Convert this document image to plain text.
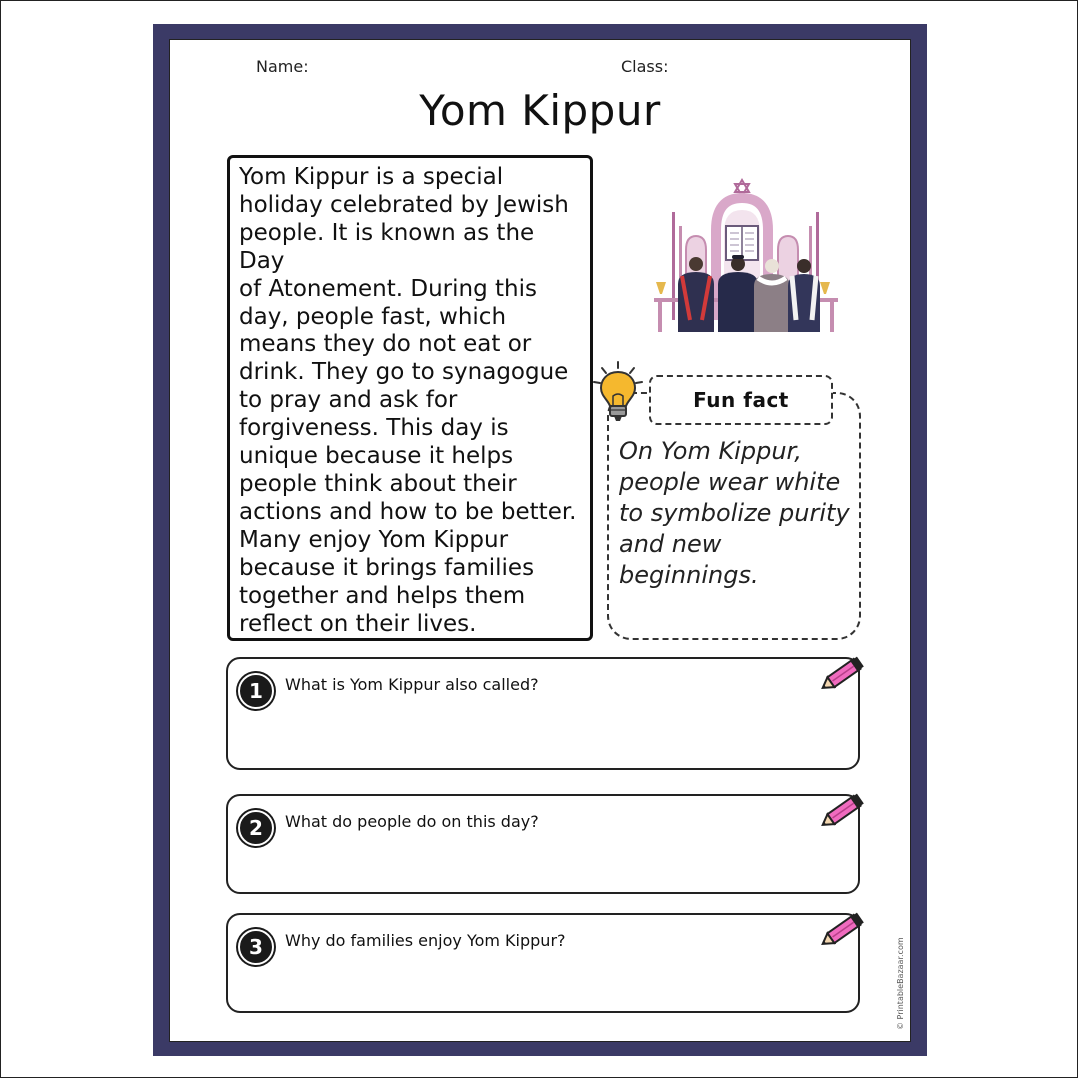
Name:	Class:
Yom Kippur
Yom Kippur is a special
holiday celebrated by Jewish
people. It is known as the Day
of Atonement. During this
day, people fast, which
means they do not eat or
drink. They go to synagogue
to pray and ask for
forgiveness. This day is
unique because it helps
people think about their
actions and how to be better.
Many enjoy Yom Kippur
because it brings families
together and helps them
reflect on their lives.
Fun fact
On Yom Kippur,
people wear white
to symbolize purity
and new
beginnings.
1	What is Yom Kippur also called?
2	What do people do on this day?
3	Why do families enjoy Yom Kippur?	© PrintableBazaar.com
